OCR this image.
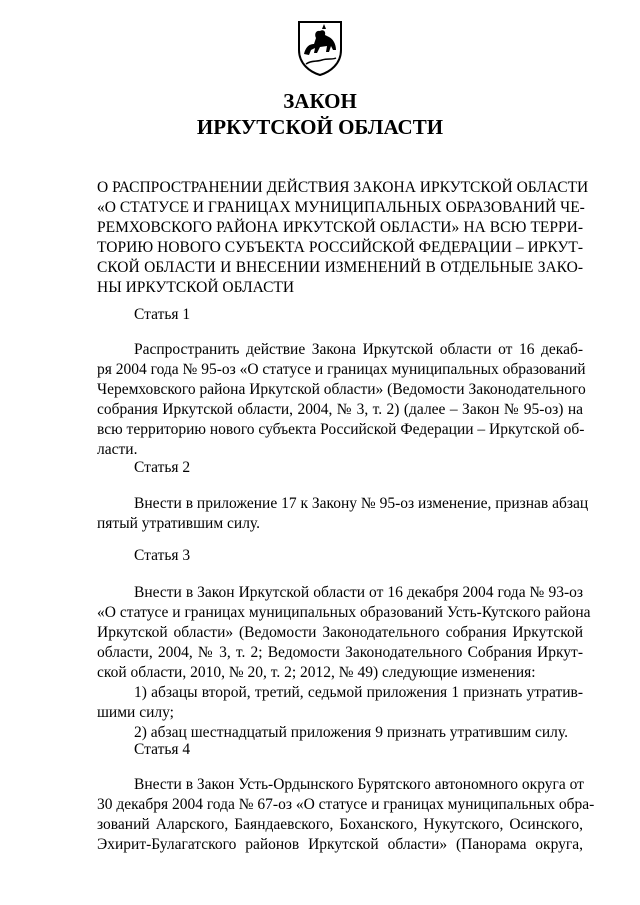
ЗАКОН
ИРКУТСКОЙ ОБЛАСТИ
О РАСПРОСТРАНЕНИИ ДЕЙСТВИЯ ЗАКОНА ИРКУТСКОЙ ОБЛАСТИ
«О СТАТУСЕ И ГРАНИЦАХ МУНИЦИПАЛЬНЫХ ОБРАЗОВАНИЙ ЧЕ-
РЕМХОВСКОГО РАЙОНА ИРКУТСКОЙ ОБЛАСТИ» НА ВСЮ ТЕРРИ-
ТОРИЮ НОВОГО СУБЪЕКТА РОССИЙСКОЙ ФЕДЕРАЦИИ – ИРКУТ-
СКОЙ ОБЛАСТИ И ВНЕСЕНИИ ИЗМЕНЕНИЙ В ОТДЕЛЬНЫЕ ЗАКО-
НЫ ИРКУТСКОЙ ОБЛАСТИ
Статья 1
Распространить действие Закона Иркутской области от 16 декаб-
ря 2004 года № 95-оз «О статусе и границах муниципальных образований
Черемховского района Иркутской области» (Ведомости Законодательного
собрания Иркутской области, 2004, № 3, т. 2) (далее – Закон № 95-оз) на
всю территорию нового субъекта Российской Федерации – Иркутской об-
ласти.
Статья 2
Внести в приложение 17 к Закону № 95-оз изменение, признав абзац
пятый утратившим силу.
Статья 3
Внести в Закон Иркутской области от 16 декабря 2004 года № 93-оз
«О статусе и границах муниципальных образований Усть-Кутского района
Иркутской области» (Ведомости Законодательного собрания Иркутской
области, 2004, № 3, т. 2; Ведомости Законодательного Собрания Иркут-
ской области, 2010, № 20, т. 2; 2012, № 49) следующие изменения:
1) абзацы второй, третий, седьмой приложения 1 признать утратив-
шими силу;
2) абзац шестнадцатый приложения 9 признать утратившим силу.
Статья 4
Внести в Закон Усть-Ордынского Бурятского автономного округа от
30 декабря 2004 года № 67-оз «О статусе и границах муниципальных обра-
зований Аларского, Баяндаевского, Боханского, Нукутского, Осинского,
Эхирит-Булагатского районов Иркутской области» (Панорама округа,
